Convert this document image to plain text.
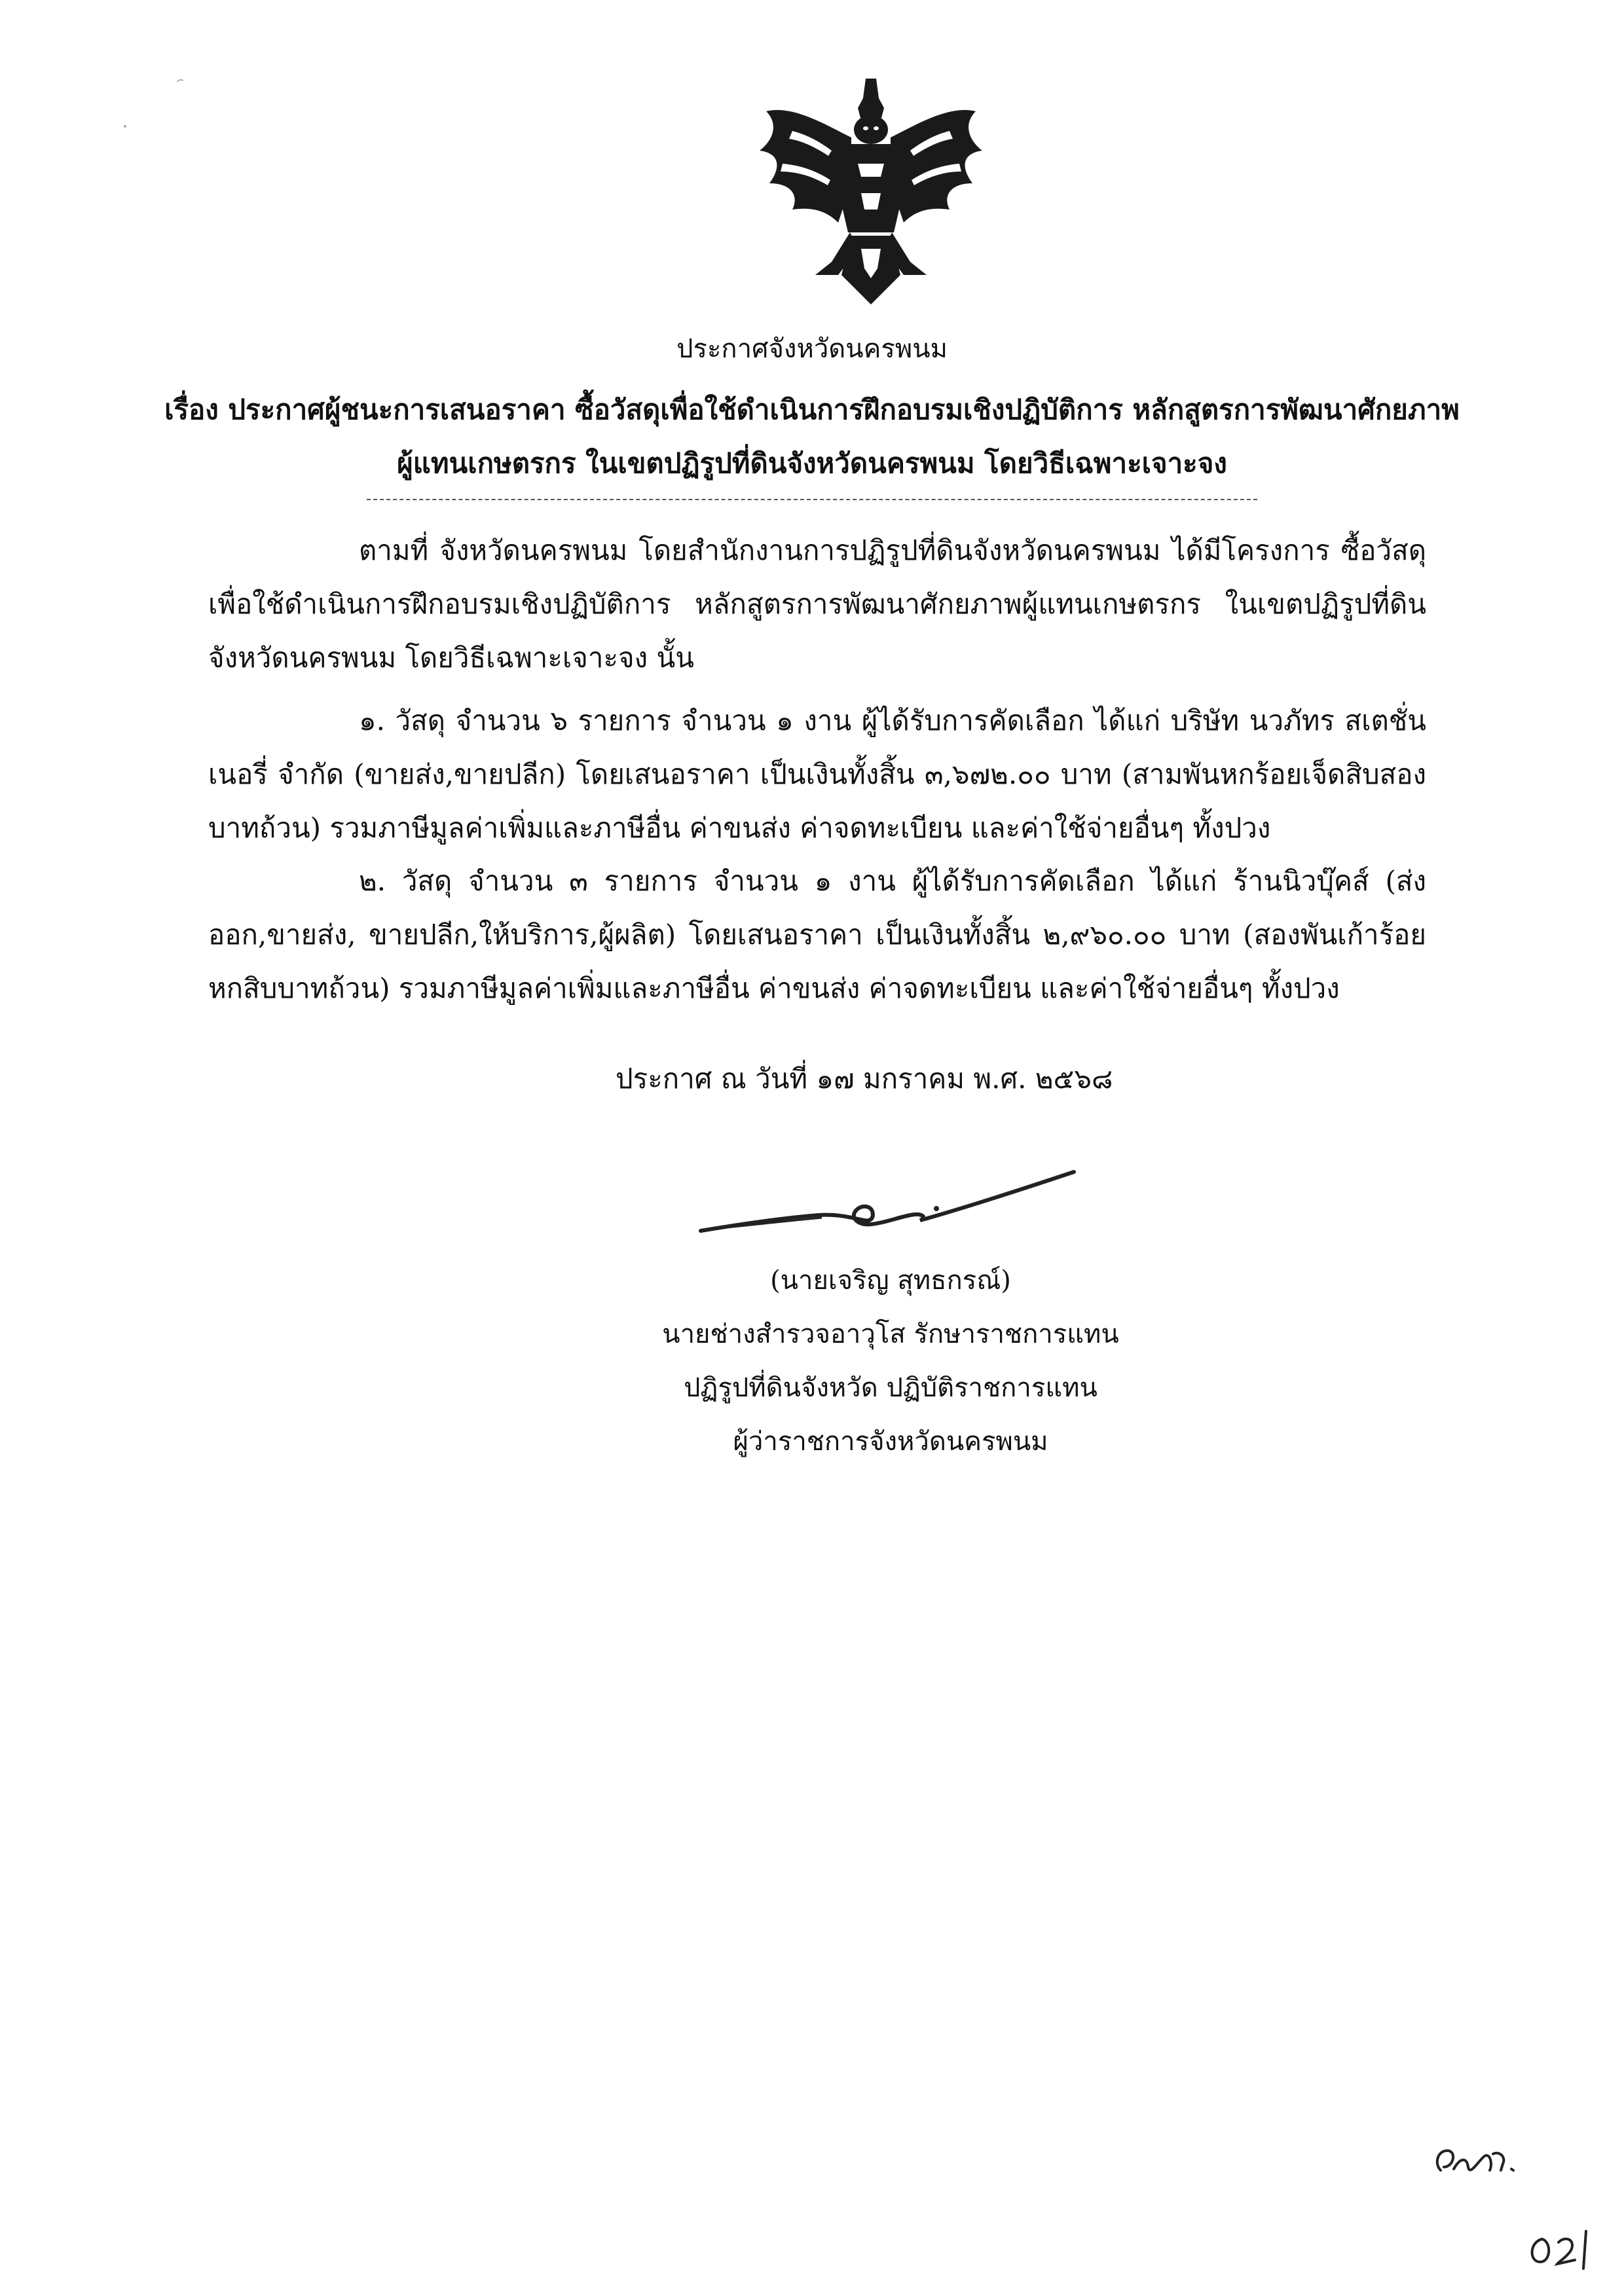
ประกาศจังหวัดนครพนม
เรื่อง ประกาศผู้ชนะการเสนอราคา ซื้อวัสดุเพื่อใช้ดำเนินการฝึกอบรมเชิงปฏิบัติการ หลักสูตรการพัฒนาศักยภาพ
ผู้แทนเกษตรกร ในเขตปฏิรูปที่ดินจังหวัดนครพนม โดยวิธีเฉพาะเจาะจง
ตามที่ จังหวัดนครพนม โดยสำนักงานการปฏิรูปที่ดินจังหวัดนครพนม ได้มีโครงการ ซื้อวัสดุเพื่อใช้ดำเนินการฝึกอบรมเชิงปฏิบัติการ หลักสูตรการพัฒนาศักยภาพผู้แทนเกษตรกร ในเขตปฏิรูปที่ดินจังหวัดนครพนม โดยวิธีเฉพาะเจาะจง นั้น
๑. วัสดุ จำนวน ๖ รายการ จำนวน ๑ งาน ผู้ได้รับการคัดเลือก ได้แก่ บริษัท นวภัทร สเตชั่นเนอรี่ จำกัด (ขายส่ง,ขายปลีก) โดยเสนอราคา เป็นเงินทั้งสิ้น ๓,๖๗๒.๐๐ บาท (สามพันหกร้อยเจ็ดสิบสองบาทถ้วน) รวมภาษีมูลค่าเพิ่มและภาษีอื่น ค่าขนส่ง ค่าจดทะเบียน และค่าใช้จ่ายอื่นๆ ทั้งปวง
๒. วัสดุ จำนวน ๓ รายการ จำนวน ๑ งาน ผู้ได้รับการคัดเลือก ได้แก่ ร้านนิวบุ๊คส์ (ส่งออก,ขายส่ง, ขายปลีก,ให้บริการ,ผู้ผลิต) โดยเสนอราคา เป็นเงินทั้งสิ้น ๒,๙๖๐.๐๐ บาท (สองพันเก้าร้อยหกสิบบาทถ้วน) รวมภาษีมูลค่าเพิ่มและภาษีอื่น ค่าขนส่ง ค่าจดทะเบียน และค่าใช้จ่ายอื่นๆ ทั้งปวง
ประกาศ ณ วันที่ ๑๗ มกราคม พ.ศ. ๒๕๖๘
(นายเจริญ สุทธกรณ์)
นายช่างสำรวจอาวุโส รักษาราชการแทน
ปฏิรูปที่ดินจังหวัด ปฏิบัติราชการแทน
ผู้ว่าราชการจังหวัดนครพนม
